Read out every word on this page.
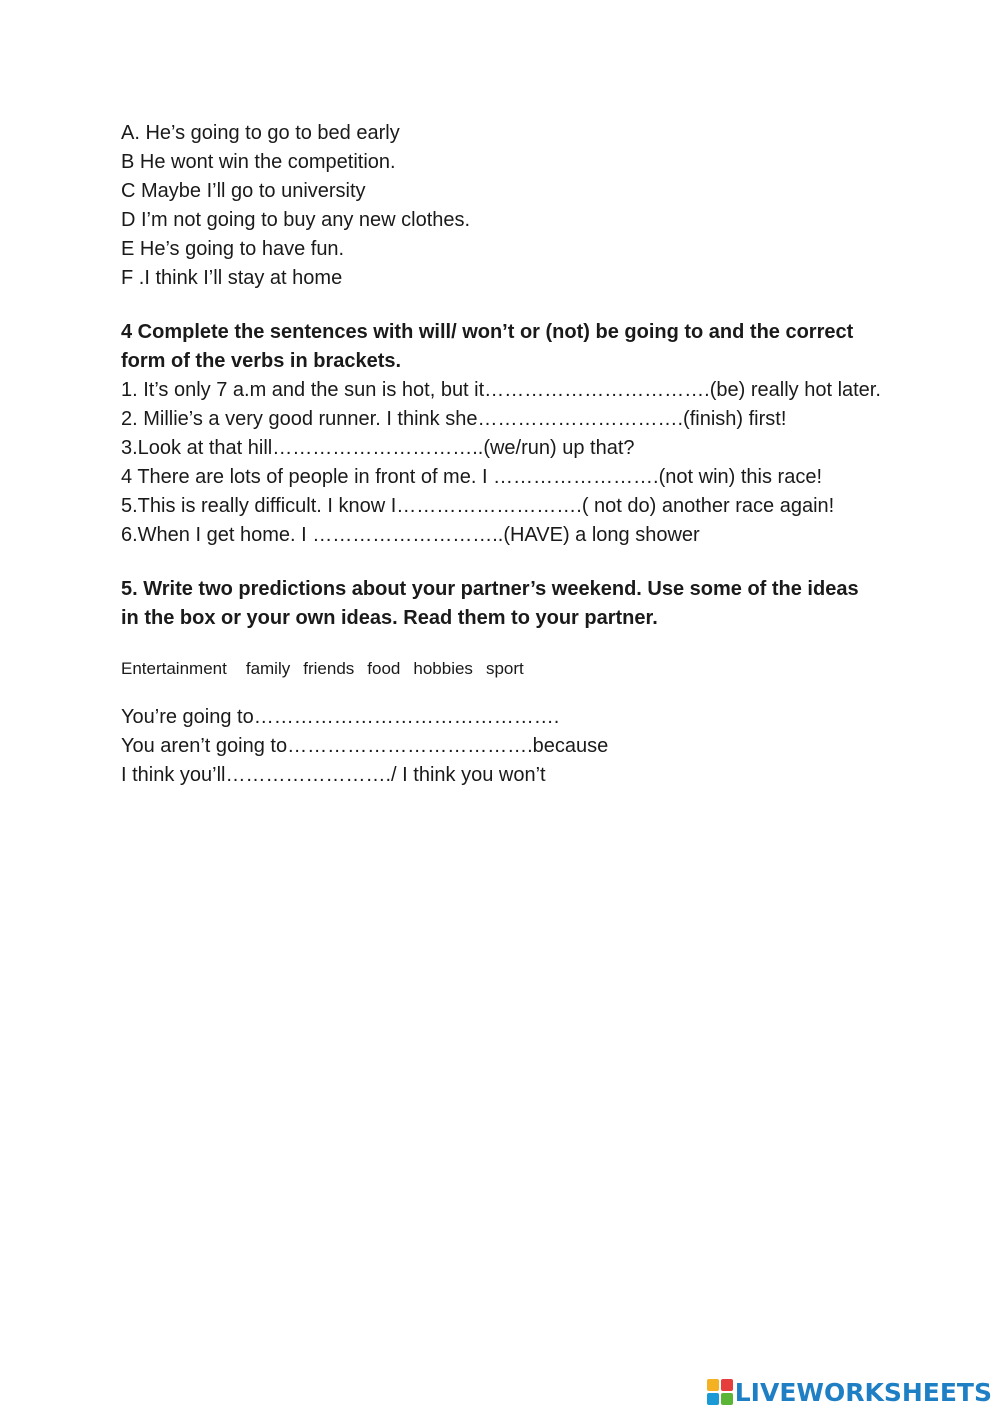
A. He’s going to go to bed early
B He wont win the competition.
C Maybe I’ll go to university
D I’m not going to buy any new clothes.
E He’s going to have fun.
F .I think I’ll stay at home
4 Complete the sentences with will/ won’t or (not) be going to and the correct form of the verbs in brackets.
1. It’s only 7 a.m and the sun is hot, but it…………………………….(be) really hot later.
2. Millie’s a very good runner. I think she………………………….(finish) first!
3.Look at that hill…………………………..(we/run) up that?
4 There are lots of people in front of me. I …………………….(not win) this race!
5.This is really difficult. I know I……………………….( not do) another race again!
6.When I get home. I ………………………..(HAVE) a long shower
5. Write two predictions about your partner’s weekend. Use some of the ideas in the box or your own ideas. Read them to your partner.
Entertainment family friends food hobbies sport
You’re going to……………………………………….
You aren’t going to……………………………….because
I think you’ll……………………./ I think you won’t
LIVEWORKSHEETS
